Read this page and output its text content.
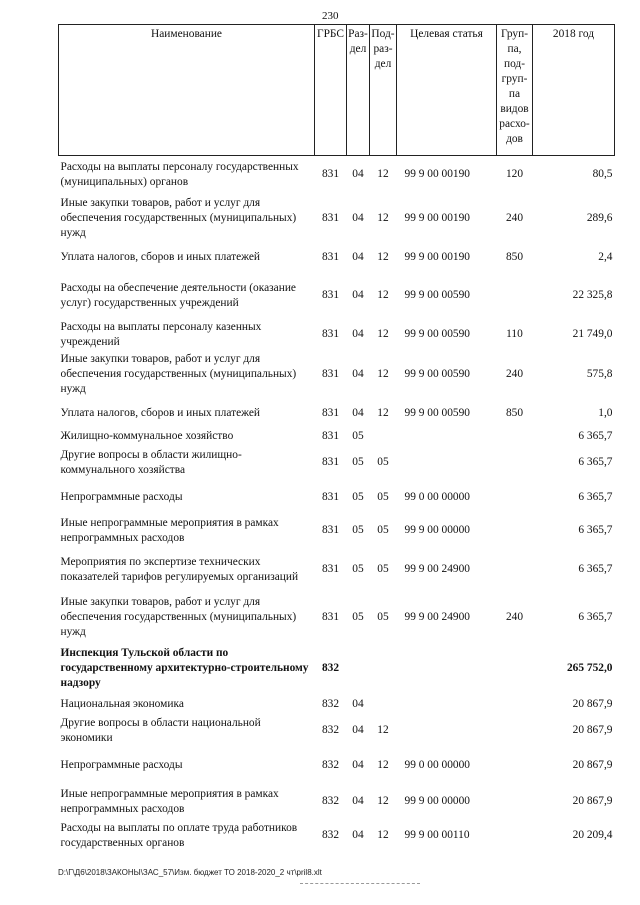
230
Наименование	ГРБС	Раз-дел	Под-раз-дел	Целевая статья	Груп-па, под-груп-па видов расхо-дов	2018 год
Расходы на выплаты персоналу государственных (муниципальных) органов	831	04	12	99 9 00 00190	120	80,5
Иные закупки товаров, работ и услуг для обеспечения государственных (муниципальных) нужд	831	04	12	99 9 00 00190	240	289,6
Уплата налогов, сборов и иных платежей	831	04	12	99 9 00 00190	850	2,4
Расходы на обеспечение деятельности (оказание услуг) государственных учреждений	831	04	12	99 9 00 00590		22 325,8
Расходы на выплаты персоналу казенных учреждений	831	04	12	99 9 00 00590	110	21 749,0
Иные закупки товаров, работ и услуг для обеспечения государственных (муниципальных) нужд	831	04	12	99 9 00 00590	240	575,8
Уплата налогов, сборов и иных платежей	831	04	12	99 9 00 00590	850	1,0
Жилищно-коммунальное хозяйство	831	05				6 365,7
Другие вопросы в области жилищно-коммунального хозяйства	831	05	05			6 365,7
Непрограммные расходы	831	05	05	99 0 00 00000		6 365,7
Иные непрограммные мероприятия в рамках непрограммных расходов	831	05	05	99 9 00 00000		6 365,7
Мероприятия по экспертизе технических показателей тарифов регулируемых организаций	831	05	05	99 9 00 24900		6 365,7
Иные закупки товаров, работ и услуг для обеспечения государственных (муниципальных) нужд	831	05	05	99 9 00 24900	240	6 365,7
Инспекция Тульской области по государственному архитектурно-строительному надзору	832					265 752,0
Национальная экономика	832	04				20 867,9
Другие вопросы в области национальной экономики	832	04	12			20 867,9
Непрограммные расходы	832	04	12	99 0 00 00000		20 867,9
Иные непрограммные мероприятия в рамках непрограммных расходов	832	04	12	99 9 00 00000		20 867,9
Расходы на выплаты по оплате труда работников государственных органов	832	04	12	99 9 00 00110		20 209,4
D:\Г\Д6\2018\ЗАКОНЫ\ЗАС_57\Изм. бюджет ТО 2018-2020_2 чт\pril8.xlt
